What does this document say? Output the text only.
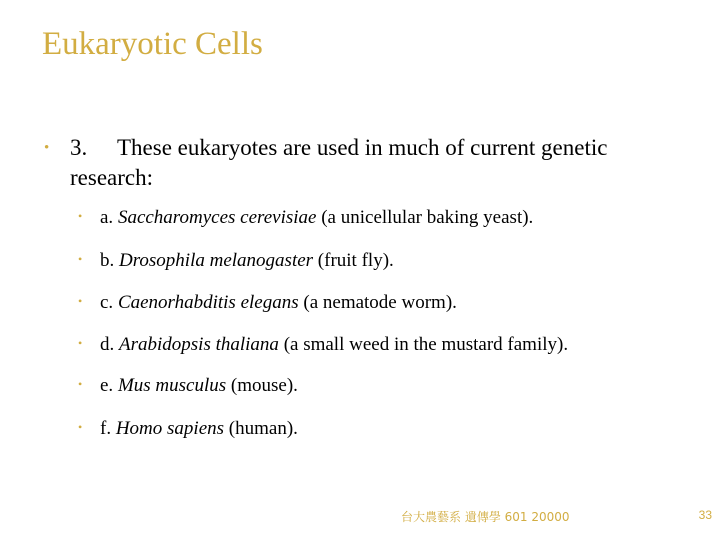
Eukaryotic Cells
• 3. These eukaryotes are used in much of current genetic research:
• a. Saccharomyces cerevisiae (a unicellular baking yeast).
• b. Drosophila melanogaster (fruit fly).
• c. Caenorhabditis elegans (a nematode worm).
• d. Arabidopsis thaliana (a small weed in the mustard family).
• e. Mus musculus (mouse).
• f. Homo sapiens (human).
台大農藝系 遺傳學 601 20000	33
